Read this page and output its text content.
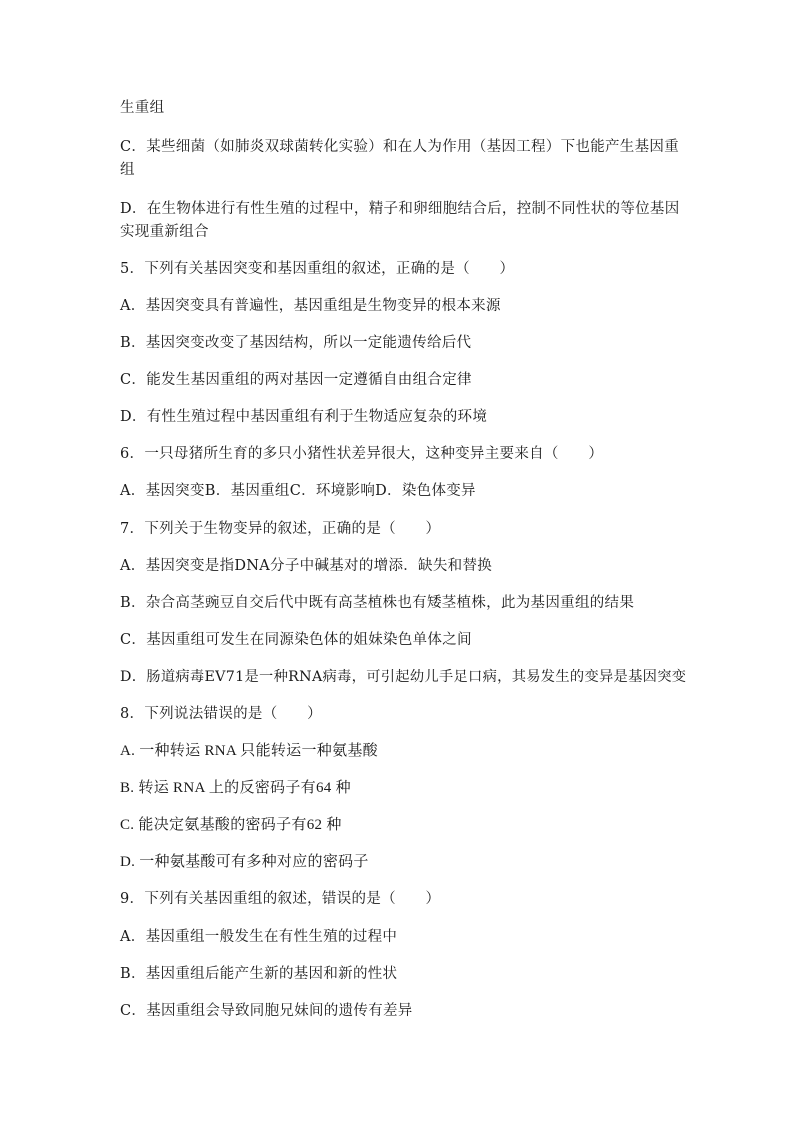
生重组
C．某些细菌（如肺炎双球菌转化实验）和在人为作用（基因工程）下也能产生基因重
组
D．在生物体进行有性生殖的过程中，精子和卵细胞结合后，控制不同性状的等位基因
实现重新组合
5．下列有关基因突变和基因重组的叙述，正确的是（　　）
A．基因突变具有普遍性，基因重组是生物变异的根本来源
B．基因突变改变了基因结构，所以一定能遗传给后代
C．能发生基因重组的两对基因一定遵循自由组合定律
D．有性生殖过程中基因重组有利于生物适应复杂的环境
6．一只母猪所生育的多只小猪性状差异很大，这种变异主要来自（　　）
A．基因突变B．基因重组C．环境影响D．染色体变异
7．下列关于生物变异的叙述，正确的是（　　）
A．基因突变是指DNA分子中碱基对的增添．缺失和替换
B．杂合高茎豌豆自交后代中既有高茎植株也有矮茎植株，此为基因重组的结果
C．基因重组可发生在同源染色体的姐妹染色单体之间
D．肠道病毒EV71是一种RNA病毒，可引起幼儿手足口病，其易发生的变异是基因突变
8．下列说法错误的是（　　）
A. 一种转运 RNA 只能转运一种氨基酸
B. 转运 RNA 上的反密码子有64 种
C. 能决定氨基酸的密码子有62 种
D. 一种氨基酸可有多种对应的密码子
9．下列有关基因重组的叙述，错误的是（　　）
A．基因重组一般发生在有性生殖的过程中
B．基因重组后能产生新的基因和新的性状
C．基因重组会导致同胞兄妹间的遗传有差异
